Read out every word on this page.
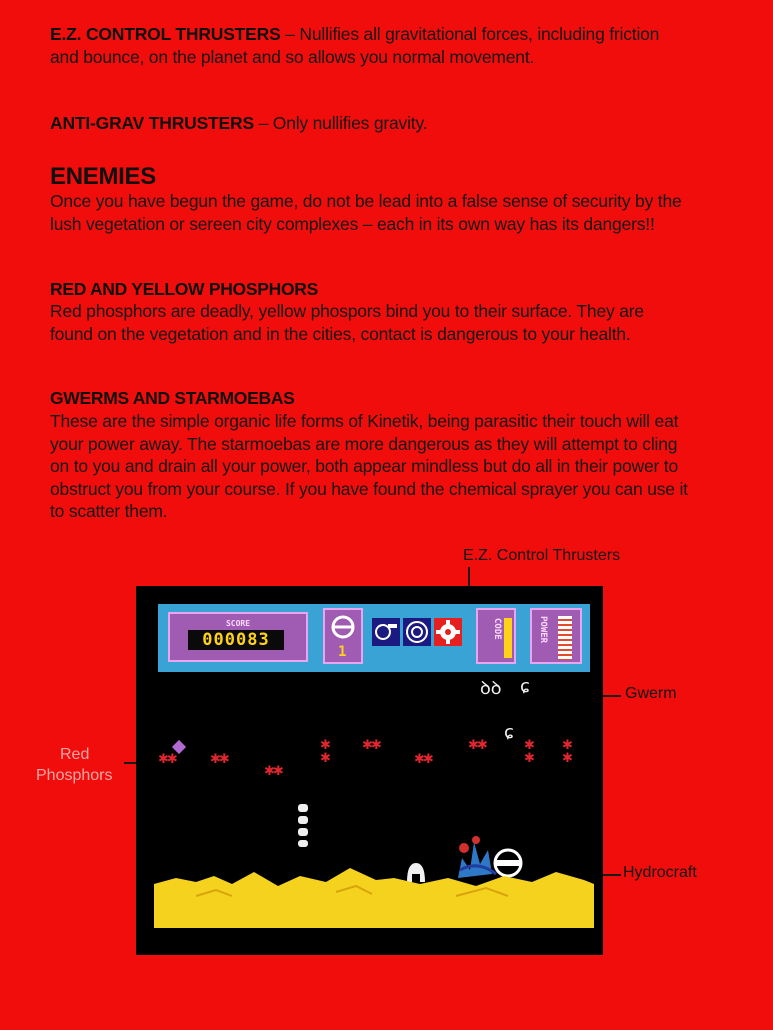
E.Z. CONTROL THRUSTERS – Nullifies all gravitational forces, including friction and bounce, on the planet and so allows you normal movement.
ANTI-GRAV THRUSTERS – Only nullifies gravity.
ENEMIES
Once you have begun the game, do not be lead into a false sense of security by the lush vegetation or sereen city complexes – each in its own way has its dangers!!
RED AND YELLOW PHOSPHORS
Red phosphors are deadly, yellow phospors bind you to their surface. They are found on the vegetation and in the cities, contact is dangerous to your health.
GWERMS AND STARMOEBAS
These are the simple organic life forms of Kinetik, being parasitic their touch will eat your power away. The starmoebas are more dangerous as they will attempt to cling on to you and drain all your power, both appear mindless but do all in their power to obstruct you from your course. If you have found the chemical sprayer you can use it to scatter them.
E.Z. Control Thrusters
Gwerm
Red
Phosphors
Hydrocraft
SCORE
000083
1
CODE	POWER
ꝺꝺ ɕ
ɕ
✱✱	✱✱
✱✱
✱
✱
✱✱
✱✱
✱✱	✱
✱
✱
✱
